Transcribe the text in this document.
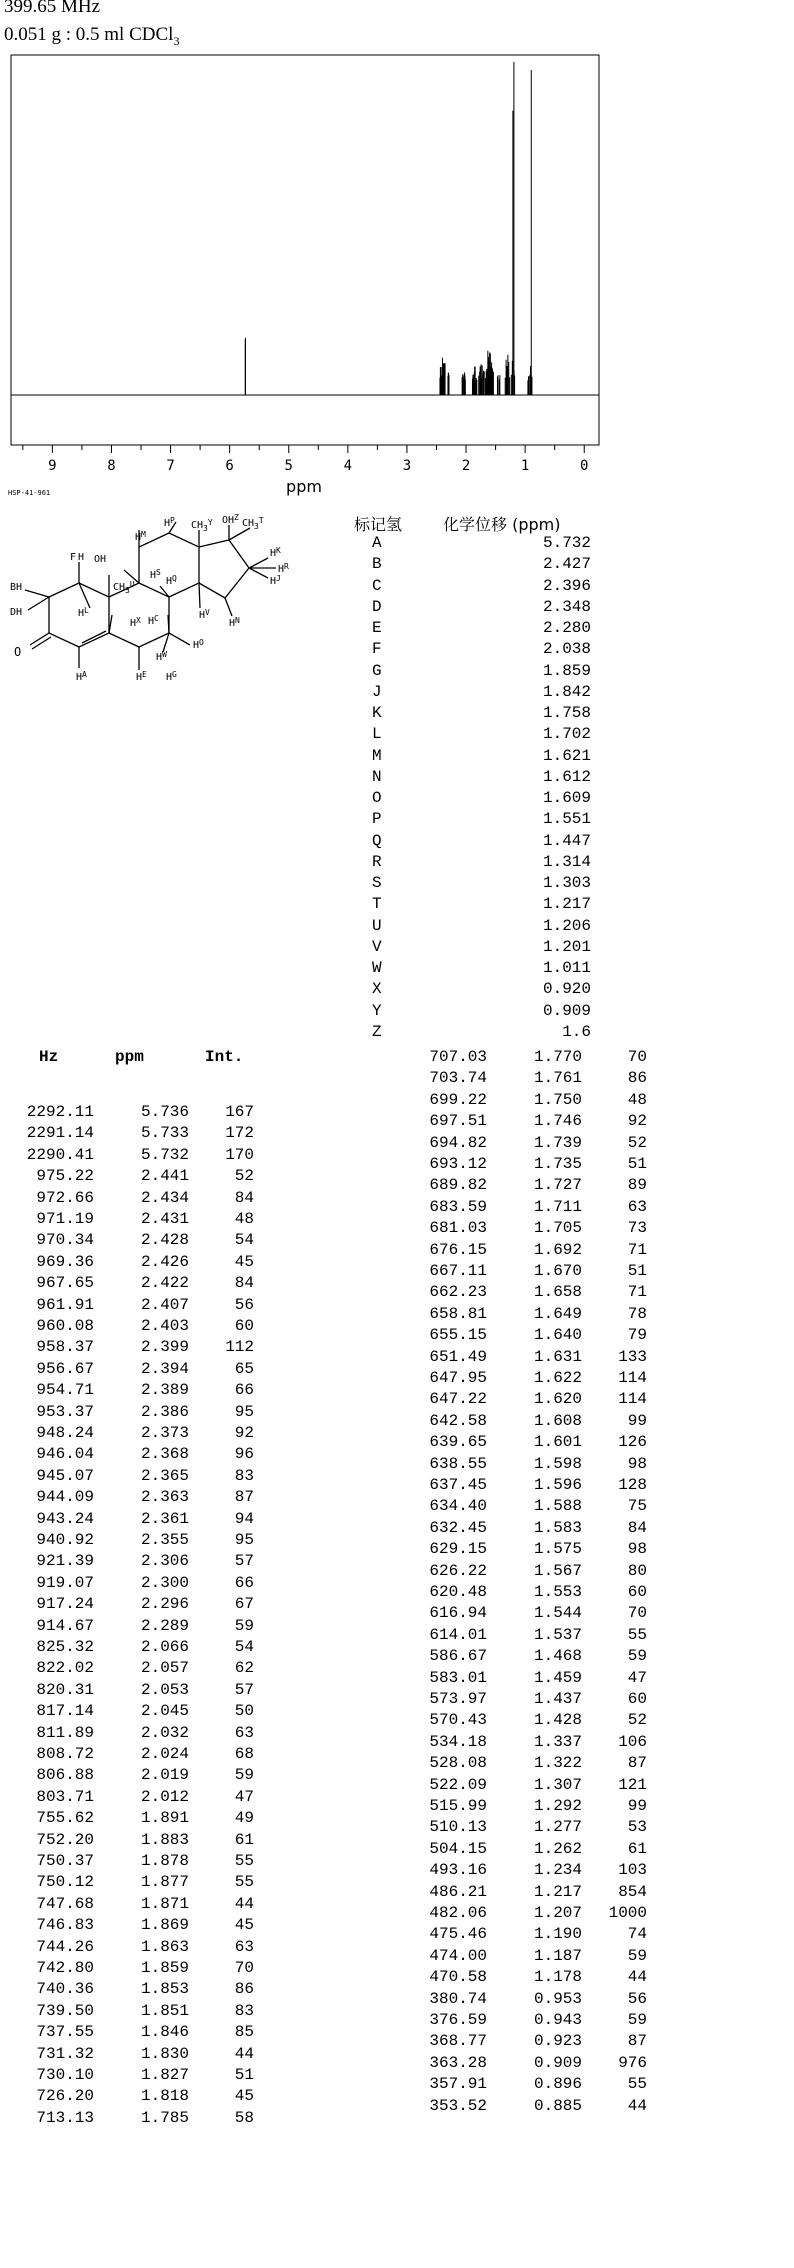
399.65 MHz
0.051 g : 0.5 ml CDCl$_3$
9	8	7	6	5	4	3	2	1	0
ppm
HSP-41-961
$H^P$
$H^M$
OH
$CH_3^Y$ $OH^Z$
$CH_3^T$
$H^K$
$H^J$
$H^R$
$H^N$
$H^V$
$H^Q$
$H^S$
$H^O$
$CH_3^U$
$H^W$
$H^X$ $H^C$
F H
BH
DH	$H^L$
O
$H^A$	$H^E$ $H^G$
标记氢	化学位移 (ppm)
A	5.732
B	2.427
C	2.396
D	2.348
E	2.280
F	2.038
G	1.859
J	1.842
K	1.758
L	1.702
M	1.621
N	1.612
O	1.609
P	1.551
Q	1.447
R	1.314
S	1.303
T	1.217
U	1.206
V	1.201
W	1.011
X	0.920
Y	0.909
Z	1.6
Hz	ppm	Int.
2292.11	5.736	167
2291.14	5.733	172
2290.41	5.732	170
975.22	2.441	52
972.66	2.434	84
971.19	2.431	48
970.34	2.428	54
969.36	2.426	45
967.65	2.422	84
961.91	2.407	56
960.08	2.403	60
958.37	2.399	112
956.67	2.394	65
954.71	2.389	66
953.37	2.386	95
948.24	2.373	92
946.04	2.368	96
945.07	2.365	83
944.09	2.363	87
943.24	2.361	94
940.92	2.355	95
921.39	2.306	57
919.07	2.300	66
917.24	2.296	67
914.67	2.289	59
825.32	2.066	54
822.02	2.057	62
820.31	2.053	57
817.14	2.045	50
811.89	2.032	63
808.72	2.024	68
806.88	2.019	59
803.71	2.012	47
755.62	1.891	49
752.20	1.883	61
750.37	1.878	55
750.12	1.877	55
747.68	1.871	44
746.83	1.869	45
744.26	1.863	63
742.80	1.859	70
740.36	1.853	86
739.50	1.851	83
737.55	1.846	85
731.32	1.830	44
730.10	1.827	51
726.20	1.818	45
713.13	1.785	58
707.03	1.770	70
703.74	1.761	86
699.22	1.750	48
697.51	1.746	92
694.82	1.739	52
693.12	1.735	51
689.82	1.727	89
683.59	1.711	63
681.03	1.705	73
676.15	1.692	71
667.11	1.670	51
662.23	1.658	71
658.81	1.649	78
655.15	1.640	79
651.49	1.631	133
647.95	1.622	114
647.22	1.620	114
642.58	1.608	99
639.65	1.601	126
638.55	1.598	98
637.45	1.596	128
634.40	1.588	75
632.45	1.583	84
629.15	1.575	98
626.22	1.567	80
620.48	1.553	60
616.94	1.544	70
614.01	1.537	55
586.67	1.468	59
583.01	1.459	47
573.97	1.437	60
570.43	1.428	52
534.18	1.337	106
528.08	1.322	87
522.09	1.307	121
515.99	1.292	99
510.13	1.277	53
504.15	1.262	61
493.16	1.234	103
486.21	1.217	854
482.06	1.207	1000
475.46	1.190	74
474.00	1.187	59
470.58	1.178	44
380.74	0.953	56
376.59	0.943	59
368.77	0.923	87
363.28	0.909	976
357.91	0.896	55
353.52	0.885	44
